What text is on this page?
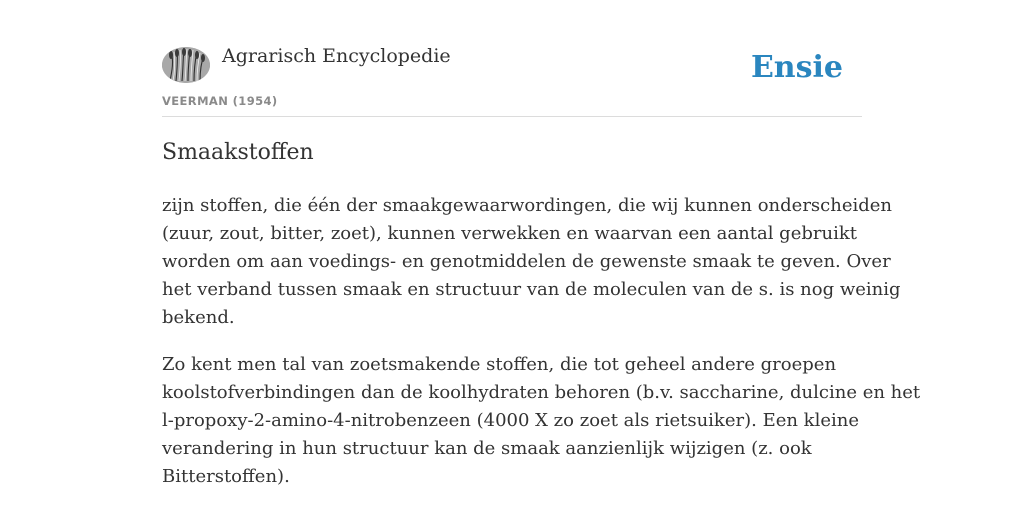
Agrarisch Encyclopedie
VEERMAN (1954)
Ensie
Smaakstoffen

zijn stoffen, die één der smaakgewaarwordingen, die wij kunnen onderscheiden
(zuur, zout, bitter, zoet), kunnen verwekken en waarvan een aantal gebruikt
worden om aan voedings- en genotmiddelen de gewenste smaak te geven. Over
het verband tussen smaak en structuur van de moleculen van de s. is nog weinig
bekend.

Zo kent men tal van zoetsmakende stoffen, die tot geheel andere groepen
koolstofverbindingen dan de koolhydraten behoren (b.v. saccharine, dulcine en het
l-propoxy-2-amino-4-nitrobenzeen (4000 X zo zoet als rietsuiker). Een kleine
verandering in hun structuur kan de smaak aanzienlijk wijzigen (z. ook
Bitterstoffen).
